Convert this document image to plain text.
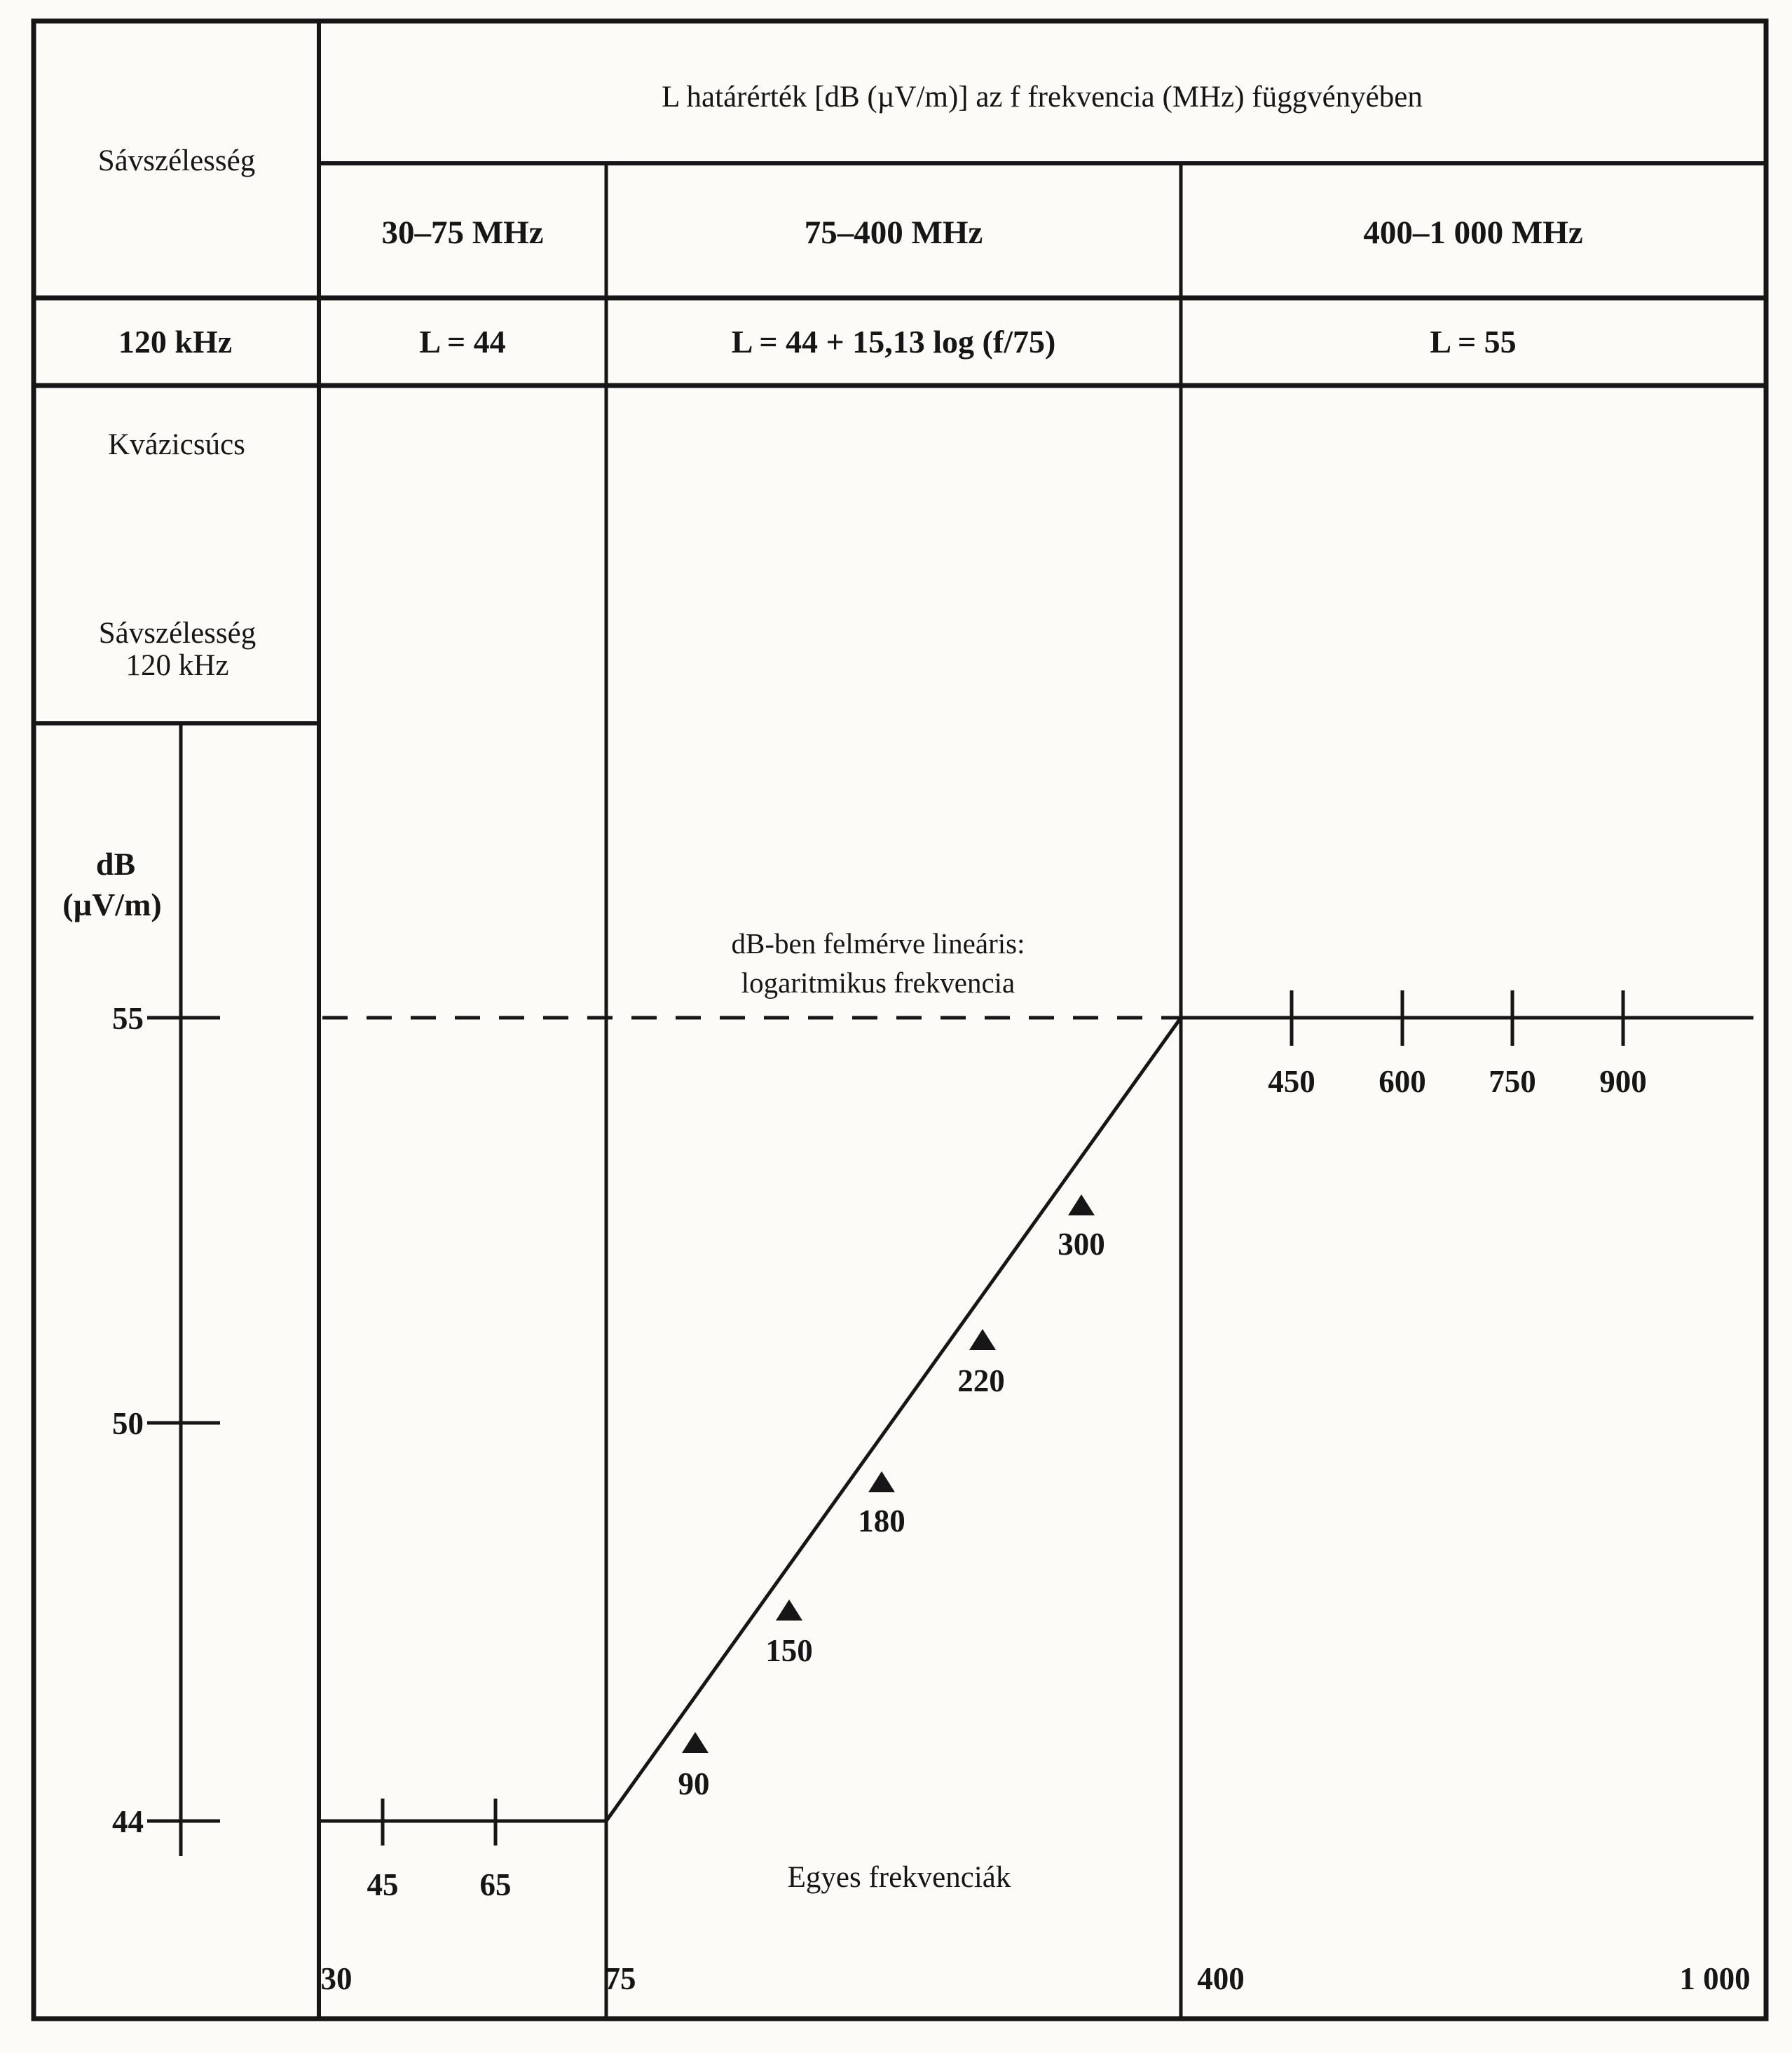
L határérték [dB (µV/m)] az f frekvencia (MHz) függvényében
Sávszélesség
30–75 MHz	75–400 MHz	400–1 000 MHz
120 kHz	L = 44	L = 44 + 15,13 log (f/75)	L = 55
Kvázicsúcs
Sávszélesség
120 kHz
dB
(µV/m)
55
50
44
450 600 750 900
45	65
90
150
180
220
300
dB-ben felmérve lineáris:
logaritmikus frekvencia
Egyes frekvenciák
30	75	400	1 000
